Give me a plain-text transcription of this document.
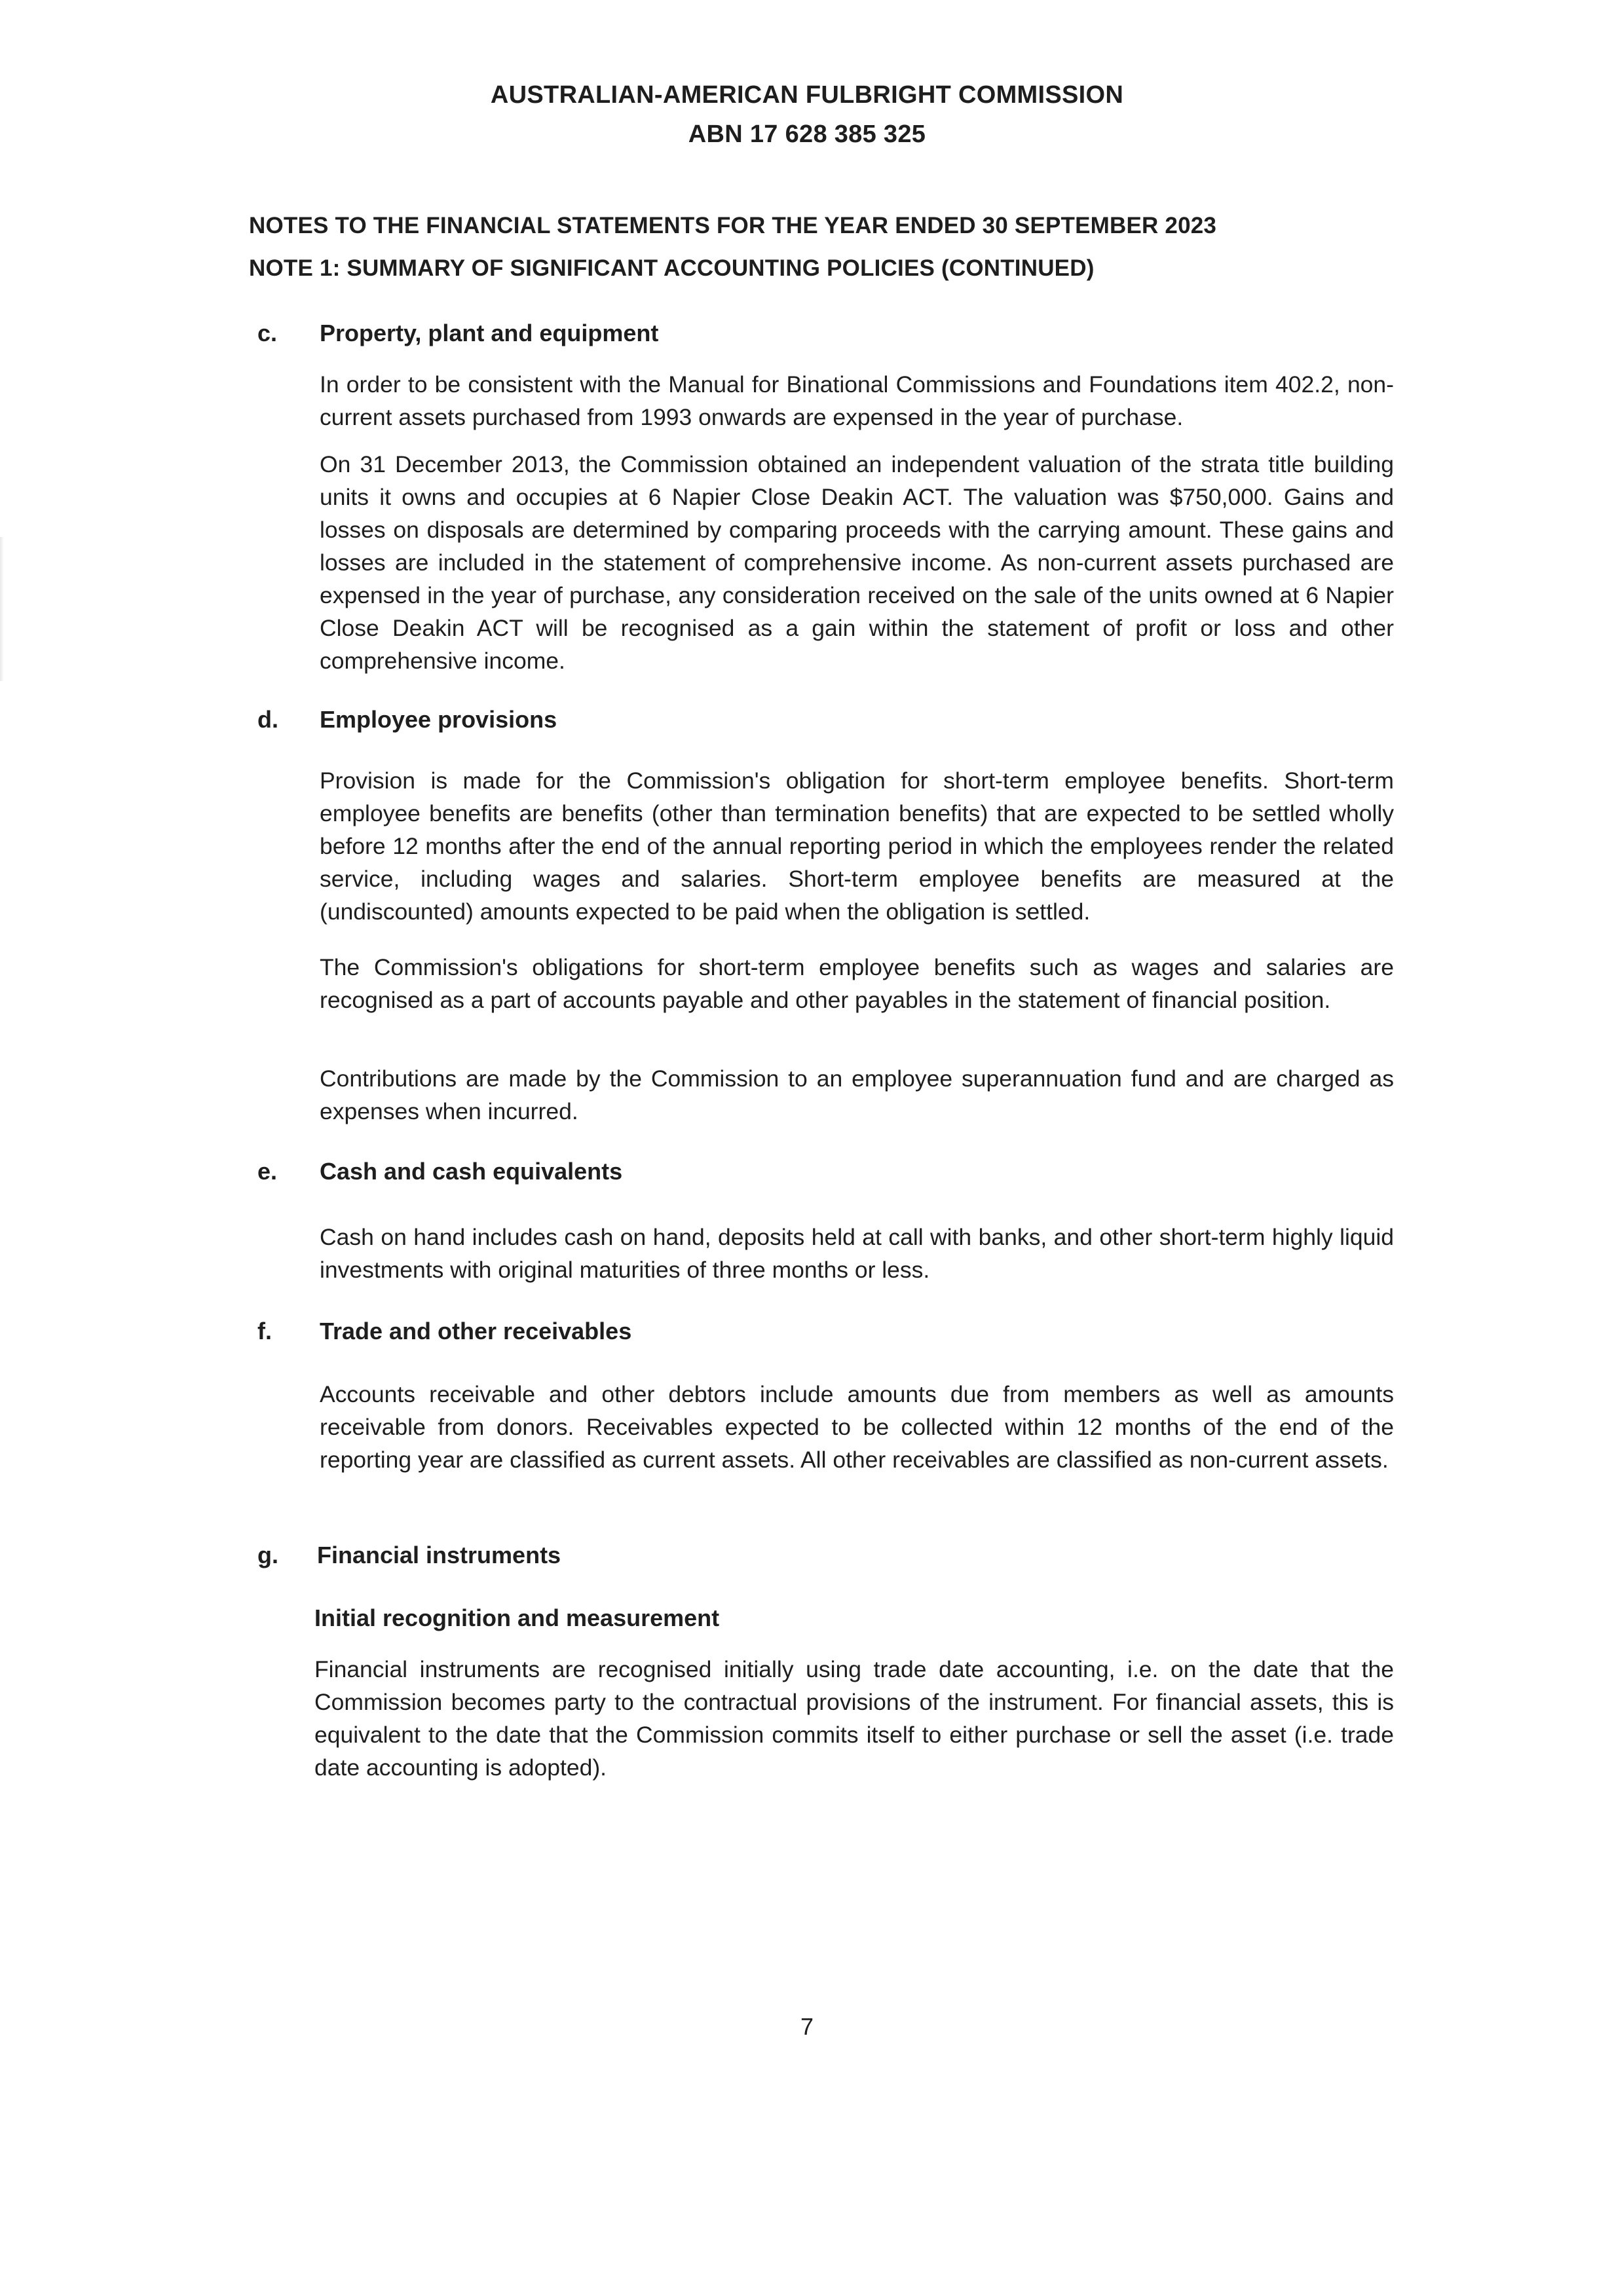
AUSTRALIAN-AMERICAN FULBRIGHT COMMISSION
ABN 17 628 385 325
NOTES TO THE FINANCIAL STATEMENTS FOR THE YEAR ENDED 30 SEPTEMBER 2023
NOTE 1: SUMMARY OF SIGNIFICANT ACCOUNTING POLICIES (CONTINUED)
c. Property, plant and equipment

In order to be consistent with the Manual for Binational Commissions and Foundations item 402.2, non-current assets purchased from 1993 onwards are expensed in the year of purchase.

On 31 December 2013, the Commission obtained an independent valuation of the strata title building units it owns and occupies at 6 Napier Close Deakin ACT. The valuation was $750,000. Gains and losses on disposals are determined by comparing proceeds with the carrying amount. These gains and losses are included in the statement of comprehensive income. As non-current assets purchased are expensed in the year of purchase, any consideration received on the sale of the units owned at 6 Napier Close Deakin ACT will be recognised as a gain within the statement of profit or loss and other comprehensive income.

d. Employee provisions

Provision is made for the Commission's obligation for short-term employee benefits. Short-term employee benefits are benefits (other than termination benefits) that are expected to be settled wholly before 12 months after the end of the annual reporting period in which the employees render the related service, including wages and salaries. Short-term employee benefits are measured at the (undiscounted) amounts expected to be paid when the obligation is settled.

The Commission's obligations for short-term employee benefits such as wages and salaries are recognised as a part of accounts payable and other payables in the statement of financial position.

Contributions are made by the Commission to an employee superannuation fund and are charged as expenses when incurred.

e. Cash and cash equivalents

Cash on hand includes cash on hand, deposits held at call with banks, and other short-term highly liquid investments with original maturities of three months or less.

f. Trade and other receivables

Accounts receivable and other debtors include amounts due from members as well as amounts receivable from donors. Receivables expected to be collected within 12 months of the end of the reporting year are classified as current assets. All other receivables are classified as non-current assets.

g. Financial instruments
Initial recognition and measurement

Financial instruments are recognised initially using trade date accounting, i.e. on the date that the Commission becomes party to the contractual provisions of the instrument. For financial assets, this is equivalent to the date that the Commission commits itself to either purchase or sell the asset (i.e. trade date accounting is adopted).

7
